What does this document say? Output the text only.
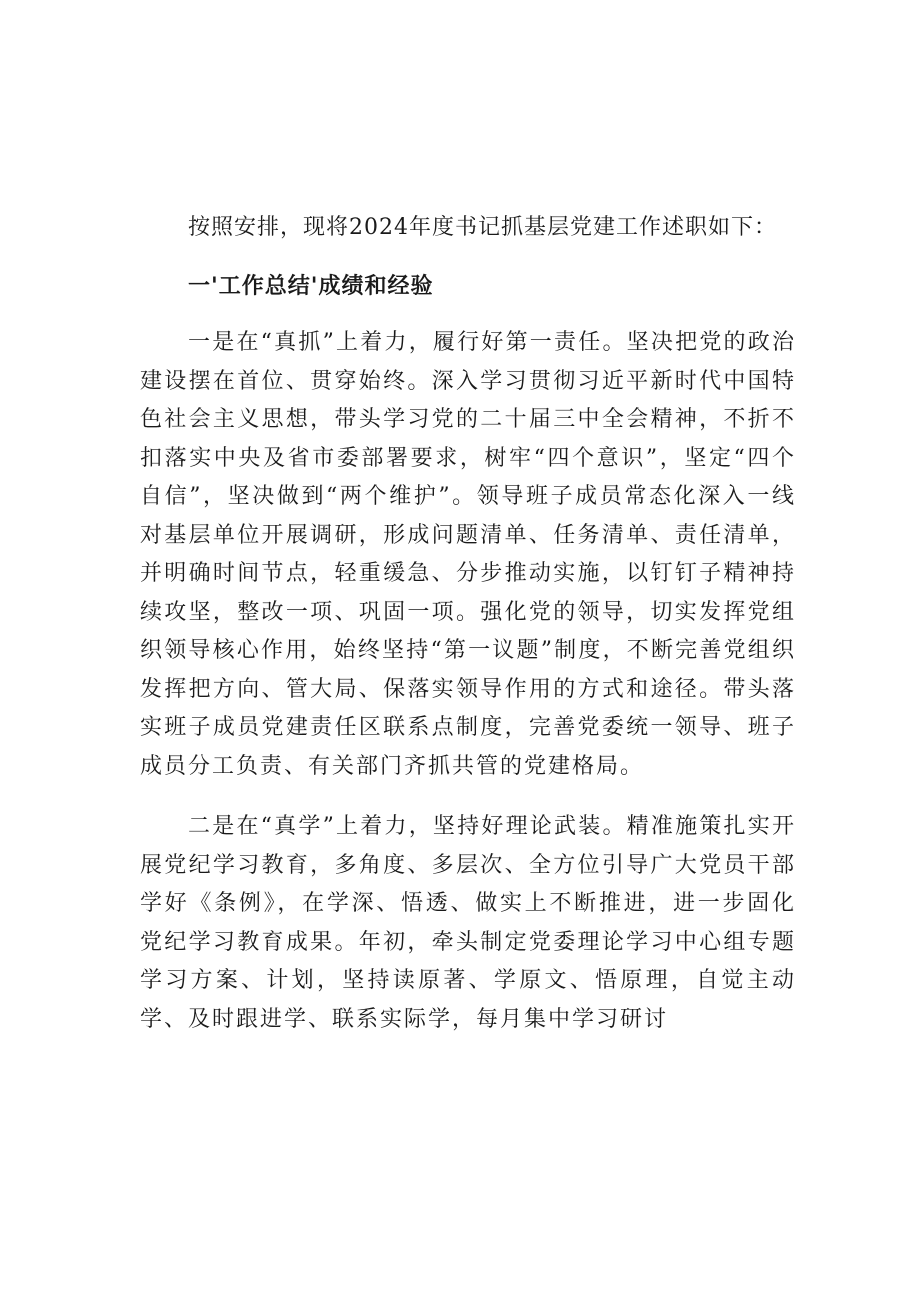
按照安排，现将2024年度书记抓基层党建工作述职如下：

一'工作总结'成绩和经验

一是在“真抓”上着力，履行好第一责任。坚决把党的政治建设摆在首位、贯穿始终。深入学习贯彻习近平新时代中国特色社会主义思想，带头学习党的二十届三中全会精神，不折不扣落实中央及省市委部署要求，树牢“四个意识”，坚定“四个自信”，坚决做到“两个维护”。领导班子成员常态化深入一线对基层单位开展调研，形成问题清单、任务清单、责任清单，并明确时间节点，轻重缓急、分步推动实施，以钉钉子精神持续攻坚，整改一项、巩固一项。强化党的领导，切实发挥党组织领导核心作用，始终坚持“第一议题”制度，不断完善党组织发挥把方向、管大局、保落实领导作用的方式和途径。带头落实班子成员党建责任区联系点制度，完善党委统一领导、班子成员分工负责、有关部门齐抓共管的党建格局。

二是在“真学”上着力，坚持好理论武装。精准施策扎实开展党纪学习教育，多角度、多层次、全方位引导广大党员干部学好《条例》，在学深、悟透、做实上不断推进，进一步固化党纪学习教育成果。年初，牵头制定党委理论学习中心组专题学习方案、计划，坚持读原著、学原文、悟原理，自觉主动学、及时跟进学、联系实际学，每月集中学习研讨
